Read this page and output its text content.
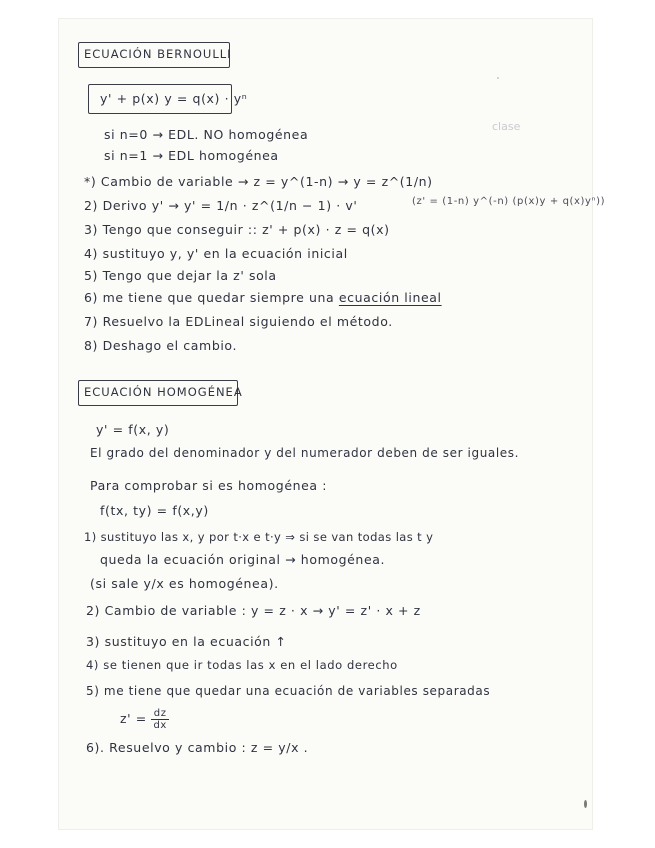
clase
ECUACIÓN BERNOULLI
y' + p(x) y = q(x) · yⁿ
si n=0 → EDL. NO homogénea
si n=1 → EDL homogénea
*) Cambio de variable → z = y^(1-n) → y = z^(1/n)
2) Derivo y' → y' = 1/n · z^(1/n − 1) · v'	(z' = (1-n) y^(-n) (p(x)y + q(x)yⁿ))
3) Tengo que conseguir :: z' + p(x) · z = q(x)
4) sustituyo y, y' en la ecuación inicial
5) Tengo que dejar la z' sola
6) me tiene que quedar siempre una ecuación lineal
7) Resuelvo la EDLineal siguiendo el método.
8) Deshago el cambio.
ECUACIÓN HOMOGÉNEA
y' = f(x, y)
El grado del denominador y del numerador deben de ser iguales.
Para comprobar si es homogénea :
f(tx, ty) = f(x,y)
1) sustituyo las x, y por t·x e t·y ⇒ si se van todas las t y
queda la ecuación original → homogénea.
(si sale y/x es homogénea).
2) Cambio de variable : y = z · x → y' = z' · x + z
3) sustituyo en la ecuación ↑
4) se tienen que ir todas las x en el lado derecho
5) me tiene que quedar una ecuación de variables separadas
$z' = \frac{dz}{dx}$
6). Resuelvo y cambio : z = y/x .
